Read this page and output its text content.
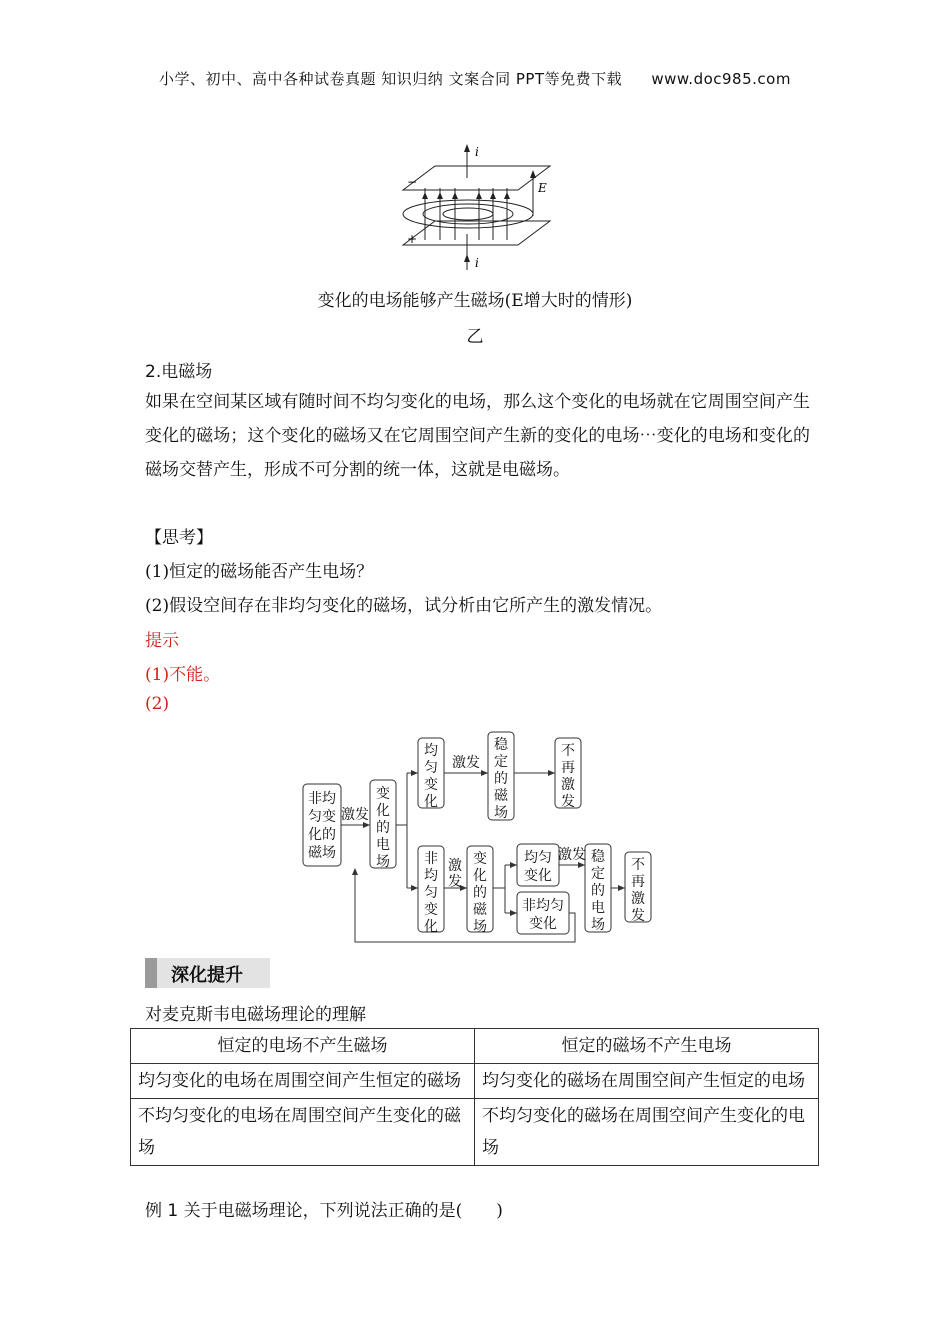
小学、初中、高中各种试卷真题 知识归纳 文案合同 PPT等免费下载 www.doc985.com
i
i
E
−
+
变化的电场能够产生磁场(E增大时的情形)
乙
2.电磁场
如果在空间某区域有随时间不均匀变化的电场，那么这个变化的电场就在它周围空间产生变化的磁场；这个变化的磁场又在它周围空间产生新的变化的电场⋯变化的电场和变化的磁场交替产生，形成不可分割的统一体，这就是电磁场。
【思考】
(1)恒定的磁场能否产生电场？
(2)假设空间存在非均匀变化的磁场，试分析由它所产生的激发情况。
提示
(1)不能。
(2)
非均
匀变
化的
磁场
激发
变
化
的
电
场
均
匀
变
化
激发
稳
定
的
磁
场
不
再
激
发
非
均
匀
变
化
激
发
变
化
的
磁
场
均匀
变化
激发
非均匀
变化
稳
定
的
电
场
不
再
激
发
深化提升
对麦克斯韦电磁场理论的理解
恒定的电场不产生磁场	恒定的磁场不产生电场
均匀变化的电场在周围空间产生恒定的磁场	均匀变化的磁场在周围空间产生恒定的电场
不均匀变化的电场在周围空间产生变化的磁场	不均匀变化的磁场在周围空间产生变化的电场
例 1 关于电磁场理论，下列说法正确的是(　　)
